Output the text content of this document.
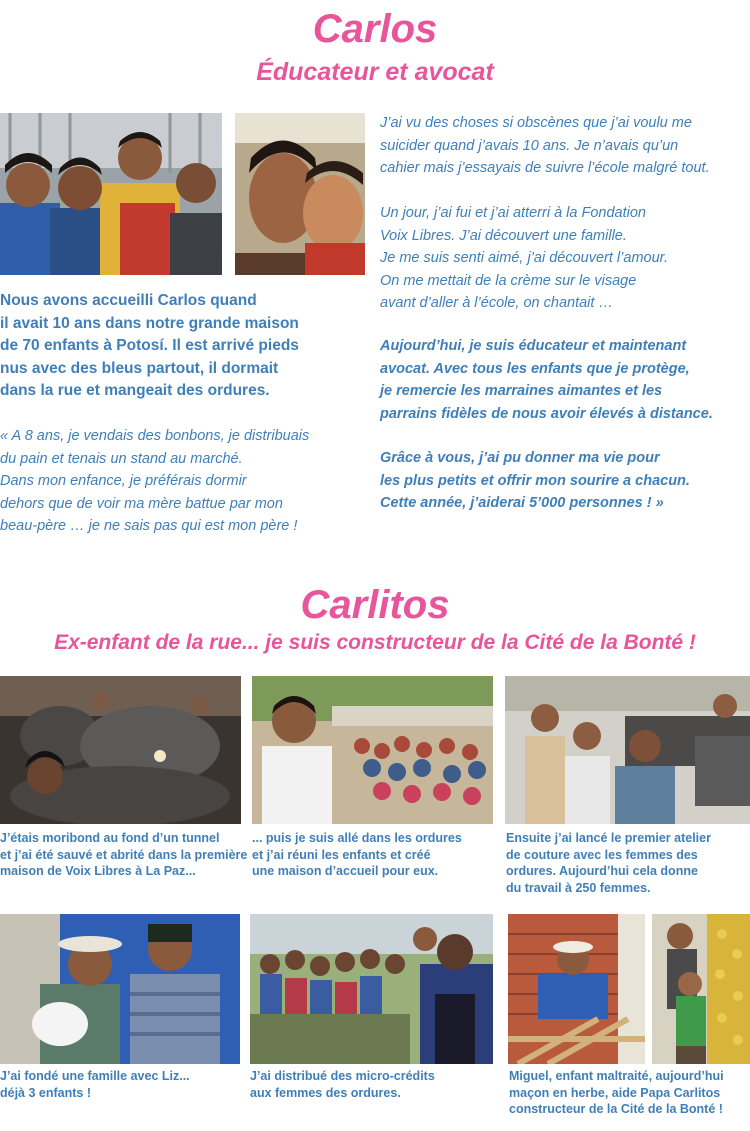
Carlos
Éducateur et avocat

Nous avons accueilli Carlos quand
il avait 10 ans dans notre grande maison
de 70 enfants à Potosí. Il est arrivé pieds
nus avec des bleus partout, il dormait
dans la rue et mangeait des ordures.

« A 8 ans, je vendais des bonbons, je distribuais
du pain et tenais un stand au marché.
Dans mon enfance, je préférais dormir
dehors que de voir ma mère battue par mon
beau-père … je ne sais pas qui est mon père !

J’ai vu des choses si obscènes que j’ai voulu me
suicider quand j’avais 10 ans. Je n’avais qu’un
cahier mais j’essayais de suivre l’école malgré tout.

Un jour, j’ai fui et j’ai atterri à la Fondation
Voix Libres. J’ai découvert une famille.
Je me suis senti aimé, j’ai découvert l’amour.
On me mettait de la crème sur le visage
avant d’aller à l’école, on chantait …

Aujourd’hui, je suis éducateur et maintenant
avocat. Avec tous les enfants que je protège,
je remercie les marraines aimantes et les
parrains fidèles de nous avoir élevés à distance.

Grâce à vous, j’ai pu donner ma vie pour
les plus petits et offrir mon sourire a chacun.
Cette année, j’aiderai 5’000 personnes ! »

Carlitos
Ex-enfant de la rue... je suis constructeur de la Cité de la Bonté !

J’étais moribond au fond d’un tunnel
et j’ai été sauvé et abrité dans la première
maison de Voix Libres à La Paz...

... puis je suis allé dans les ordures
et j’ai réuni les enfants et créé
une maison d’accueil pour eux.

Ensuite j’ai lancé le premier atelier
de couture avec les femmes des
ordures. Aujourd’hui cela donne
du travail à 250 femmes.

J’ai fondé une famille avec Liz...
déjà 3 enfants !

J’ai distribué des micro-crédits
aux femmes des ordures.

Miguel, enfant maltraité, aujourd’hui
maçon en herbe, aide Papa Carlitos
constructeur de la Cité de la Bonté !
